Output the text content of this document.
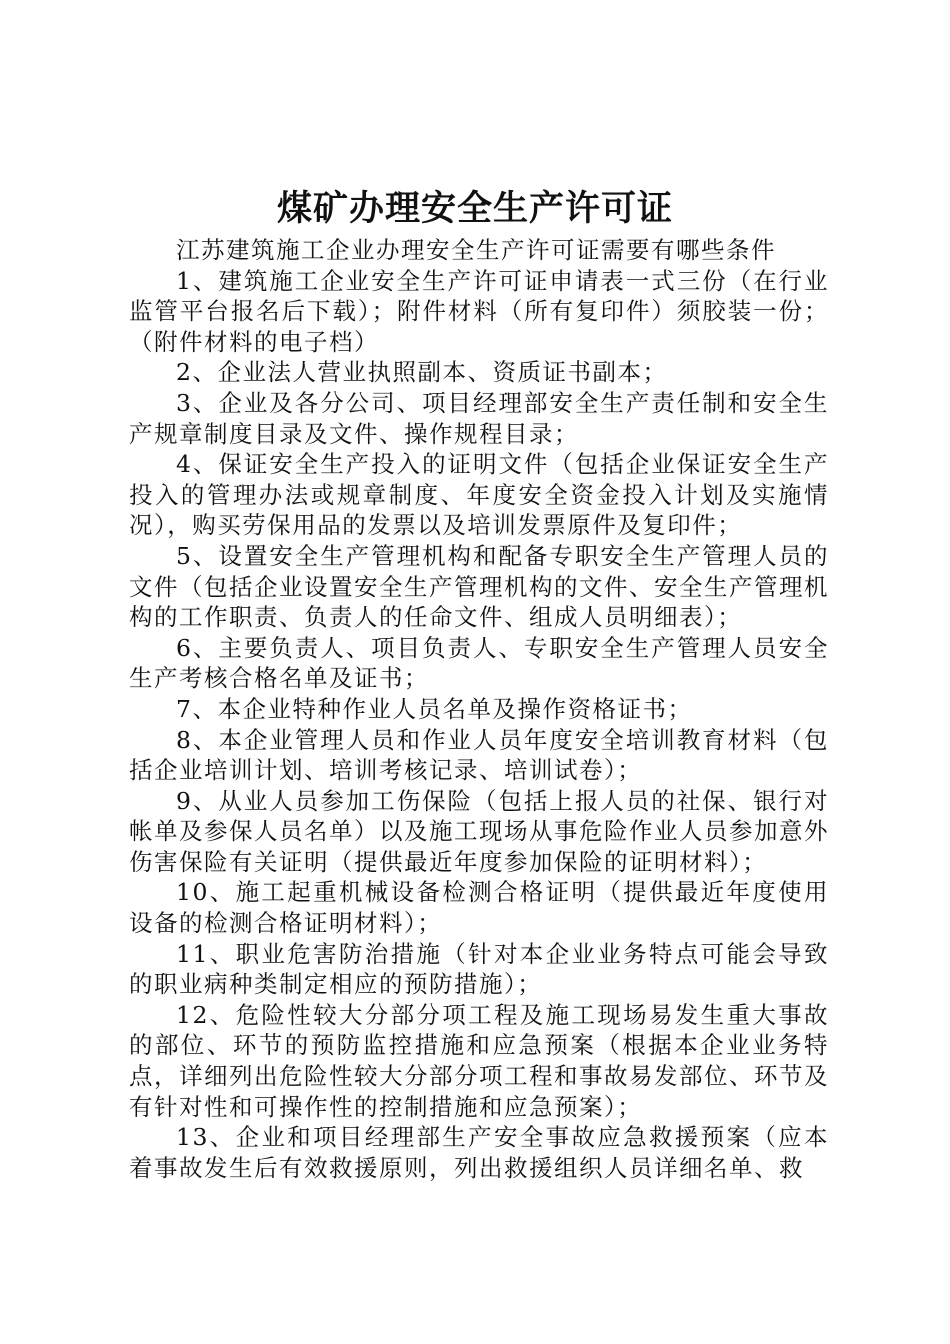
煤矿办理安全生产许可证

江苏建筑施工企业办理安全生产许可证需要有哪些条件

1、建筑施工企业安全生产许可证申请表一式三份（在行业监管平台报名后下载）；附件材料（所有复印件）须胶装一份；（附件材料的电子档）

2、企业法人营业执照副本、资质证书副本；

3、企业及各分公司、项目经理部安全生产责任制和安全生产规章制度目录及文件、操作规程目录；

4、保证安全生产投入的证明文件（包括企业保证安全生产投入的管理办法或规章制度、年度安全资金投入计划及实施情况），购买劳保用品的发票以及培训发票原件及复印件；

5、设置安全生产管理机构和配备专职安全生产管理人员的文件（包括企业设置安全生产管理机构的文件、安全生产管理机构的工作职责、负责人的任命文件、组成人员明细表）；

6、主要负责人、项目负责人、专职安全生产管理人员安全生产考核合格名单及证书；

7、本企业特种作业人员名单及操作资格证书；

8、本企业管理人员和作业人员年度安全培训教育材料（包括企业培训计划、培训考核记录、培训试卷）；

9、从业人员参加工伤保险（包括上报人员的社保、银行对帐单及参保人员名单）以及施工现场从事危险作业人员参加意外伤害保险有关证明（提供最近年度参加保险的证明材料）；

10、施工起重机械设备检测合格证明（提供最近年度使用设备的检测合格证明材料）；

11、职业危害防治措施（针对本企业业务特点可能会导致的职业病种类制定相应的预防措施）；

12、危险性较大分部分项工程及施工现场易发生重大事故的部位、环节的预防监控措施和应急预案（根据本企业业务特点，详细列出危险性较大分部分项工程和事故易发部位、环节及有针对性和可操作性的控制措施和应急预案）；

13、企业和项目经理部生产安全事故应急救援预案（应本着事故发生后有效救援原则，列出救援组织人员详细名单、救
